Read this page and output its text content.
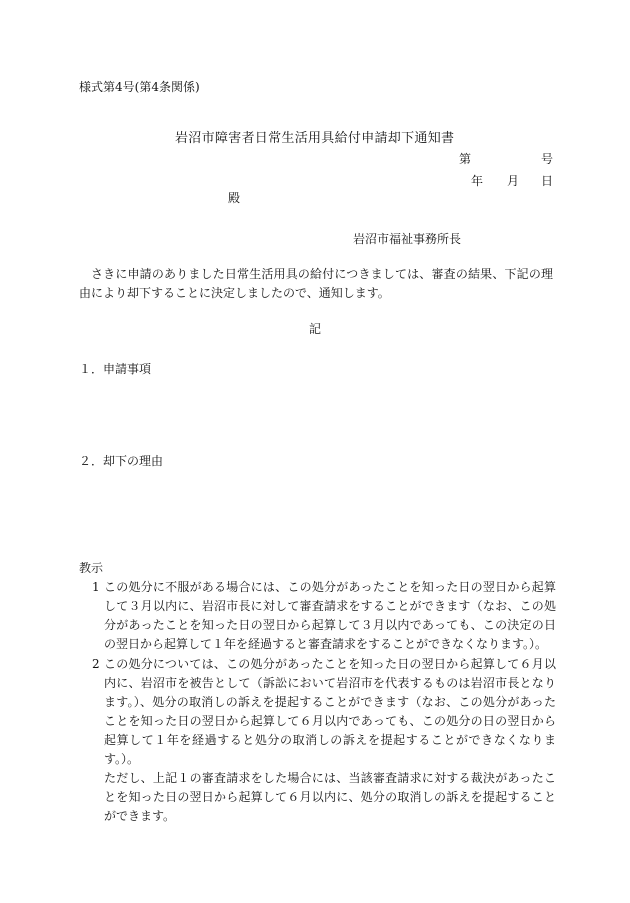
様式第4号(第4条関係)
岩沼市障害者日常生活用具給付申請却下通知書
第	号
年 月 日
殿
岩沼市福祉事務所長
さきに申請のありました日常生活用具の給付につきましては、審査の結果、下記の理由により却下することに決定しましたので、通知します。
記
１．申請事項
２．却下の理由
教示
1 この処分に不服がある場合には、この処分があったことを知った日の翌日から起算して３月以内に、岩沼市長に対して審査請求をすることができます（なお、この処分があったことを知った日の翌日から起算して３月以内であっても、この決定の日の翌日から起算して１年を経過すると審査請求をすることができなくなります。）。
2 この処分については、この処分があったことを知った日の翌日から起算して６月以内に、岩沼市を被告として（訴訟において岩沼市を代表するものは岩沼市長となります。）、処分の取消しの訴えを提起することができます（なお、この処分があったことを知った日の翌日から起算して６月以内であっても、この処分の日の翌日から起算して１年を経過すると処分の取消しの訴えを提起することができなくなります。）。
ただし、上記１の審査請求をした場合には、当該審査請求に対する裁決があったことを知った日の翌日から起算して６月以内に、処分の取消しの訴えを提起することができます。
